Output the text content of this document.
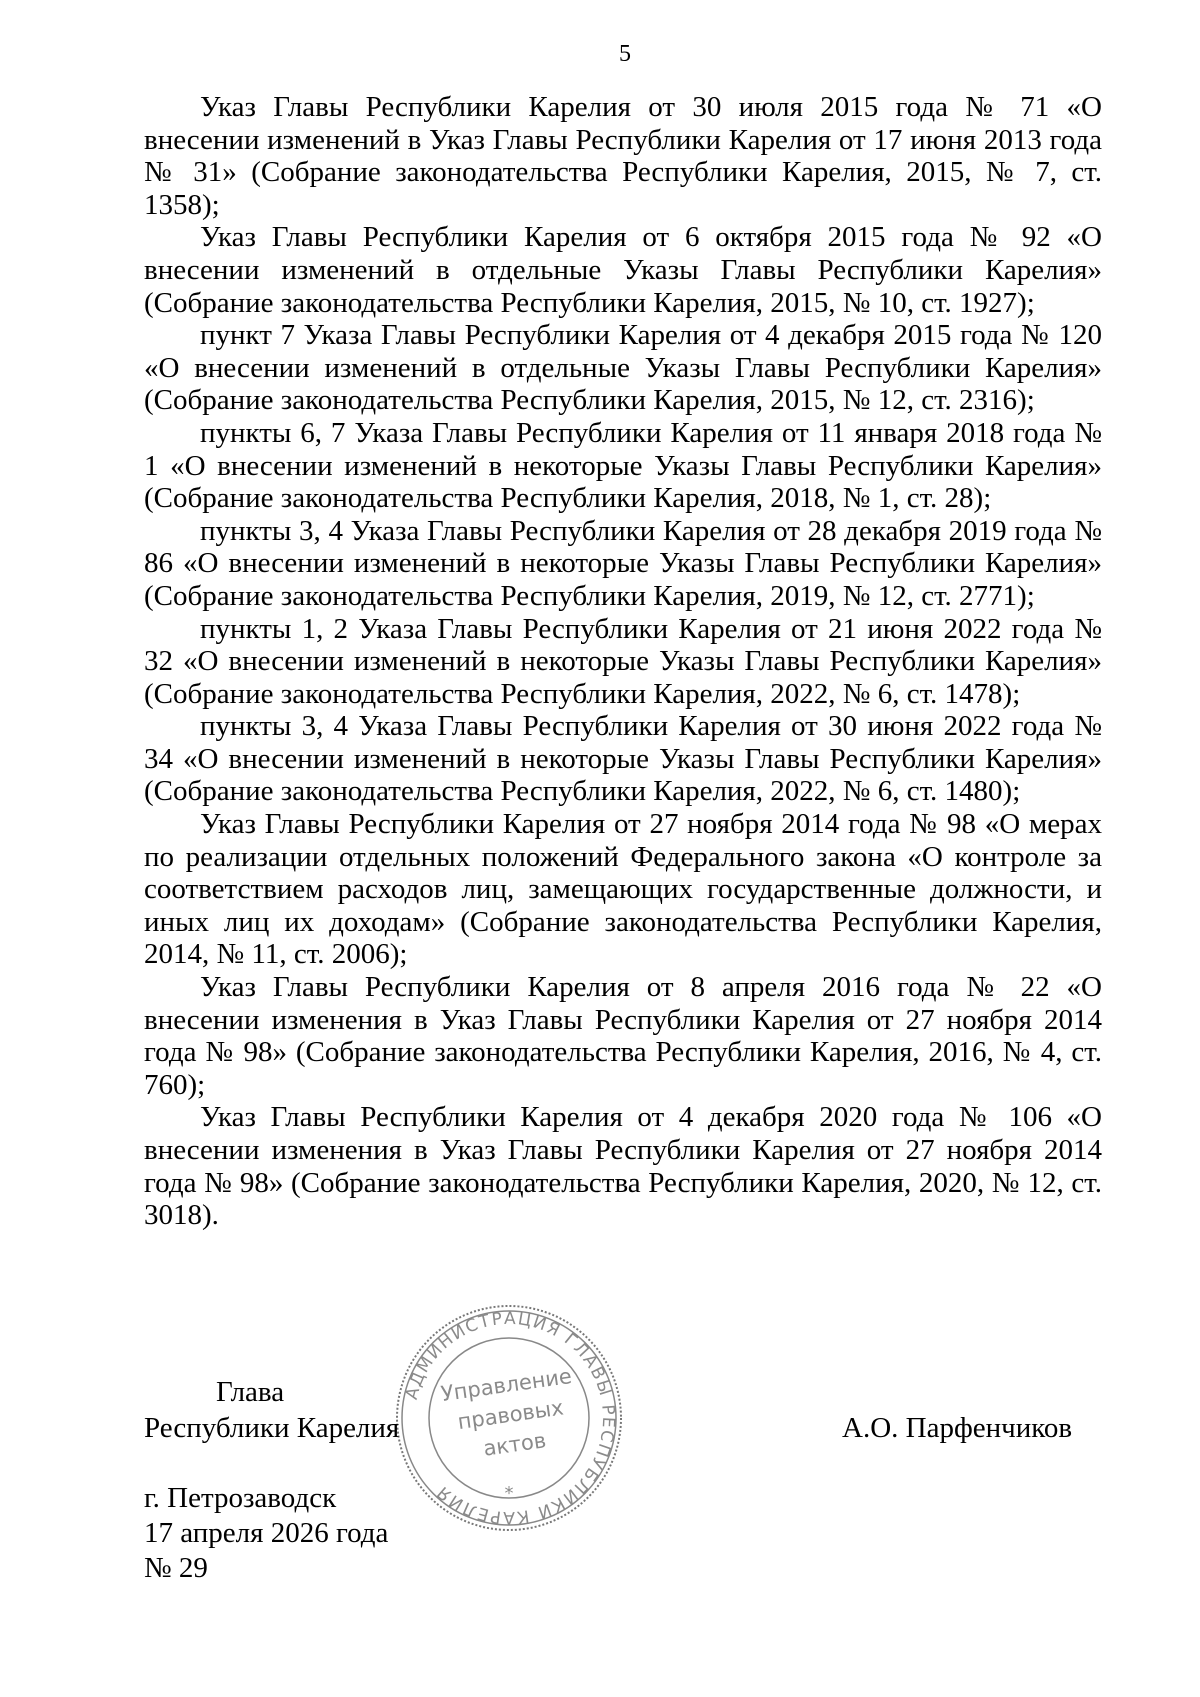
5

Указ Главы Республики Карелия от 30 июля 2015 года № 71 «О внесении изменений в Указ Главы Республики Карелия от 17 июня 2013 года № 31» (Собрание законодательства Республики Карелия, 2015, № 7, ст. 1358);

Указ Главы Республики Карелия от 6 октября 2015 года № 92 «О внесении изменений в отдельные Указы Главы Республики Карелия» (Собрание законодательства Республики Карелия, 2015, № 10, ст. 1927);

пункт 7 Указа Главы Республики Карелия от 4 декабря 2015 года № 120 «О внесении изменений в отдельные Указы Главы Республики Карелия» (Собрание законодательства Республики Карелия, 2015, № 12, ст. 2316);

пункты 6, 7 Указа Главы Республики Карелия от 11 января 2018 года № 1 «О внесении изменений в некоторые Указы Главы Республики Карелия» (Собрание законодательства Республики Карелия, 2018, № 1, ст. 28);

пункты 3, 4 Указа Главы Республики Карелия от 28 декабря 2019 года № 86 «О внесении изменений в некоторые Указы Главы Республики Карелия» (Собрание законодательства Республики Карелия, 2019, № 12, ст. 2771);

пункты 1, 2 Указа Главы Республики Карелия от 21 июня 2022 года № 32 «О внесении изменений в некоторые Указы Главы Республики Карелия» (Собрание законодательства Республики Карелия, 2022, № 6, ст. 1478);

пункты 3, 4 Указа Главы Республики Карелия от 30 июня 2022 года № 34 «О внесении изменений в некоторые Указы Главы Республики Карелия» (Собрание законодательства Республики Карелия, 2022, № 6, ст. 1480);

Указ Главы Республики Карелия от 27 ноября 2014 года № 98 «О мерах по реализации отдельных положений Федерального закона «О контроле за соответствием расходов лиц, замещающих государственные должности, и иных лиц их доходам» (Собрание законодательства Республики Карелия, 2014, № 11, ст. 2006);

Указ Главы Республики Карелия от 8 апреля 2016 года № 22 «О внесении изменения в Указ Главы Республики Карелия от 27 ноября 2014 года № 98» (Собрание законодательства Республики Карелия, 2016, № 4, ст. 760);

Указ Главы Республики Карелия от 4 декабря 2020 года № 106 «О внесении изменения в Указ Главы Республики Карелия от 27 ноября 2014 года № 98» (Собрание законодательства Республики Карелия, 2020, № 12, ст. 3018).

АДМИНИСТРАЦИЯ ГЛАВЫ РЕСПУБЛИКИ КАРЕЛИЯ	*
Управление
правовых
актов
Глава
Республики Карелия	А.О. Парфенчиков
г. Петрозаводск
17 апреля 2026 года
№ 29
